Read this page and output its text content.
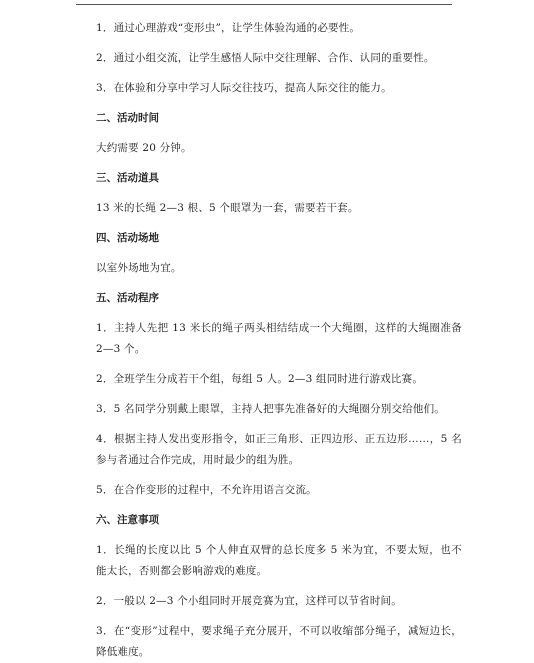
1．通过心理游戏“变形虫”，让学生体验沟通的必要性。

2．通过小组交流，让学生感悟人际中交往理解、合作、认同的重要性。

3．在体验和分享中学习人际交往技巧，提高人际交往的能力。

二、活动时间

大约需要 20 分钟。

三、活动道具

13 米的长绳 2—3 根、5 个眼罩为一套，需要若干套。

四、活动场地

以室外场地为宜。

五、活动程序

1．主持人先把 13 米长的绳子两头相结结成一个大绳圈，这样的大绳圈准备 2—3 个。

2．全班学生分成若干个组，每组 5 人。2—3 组同时进行游戏比赛。

3．5 名同学分别戴上眼罩，主持人把事先准备好的大绳圈分别交给他们。

4．根据主持人发出变形指令，如正三角形、正四边形、正五边形……，5 名参与者通过合作完成，用时最少的组为胜。

5．在合作变形的过程中，不允许用语言交流。

六、注意事项

1．长绳的长度以比 5 个人伸直双臂的总长度多 5 米为宜，不要太短，也不能太长，否则都会影响游戏的难度。

2．一般以 2—3 个小组同时开展竞赛为宜，这样可以节省时间。

3．在“变形”过程中，要求绳子充分展开，不可以收缩部分绳子，减短边长，降低难度。
